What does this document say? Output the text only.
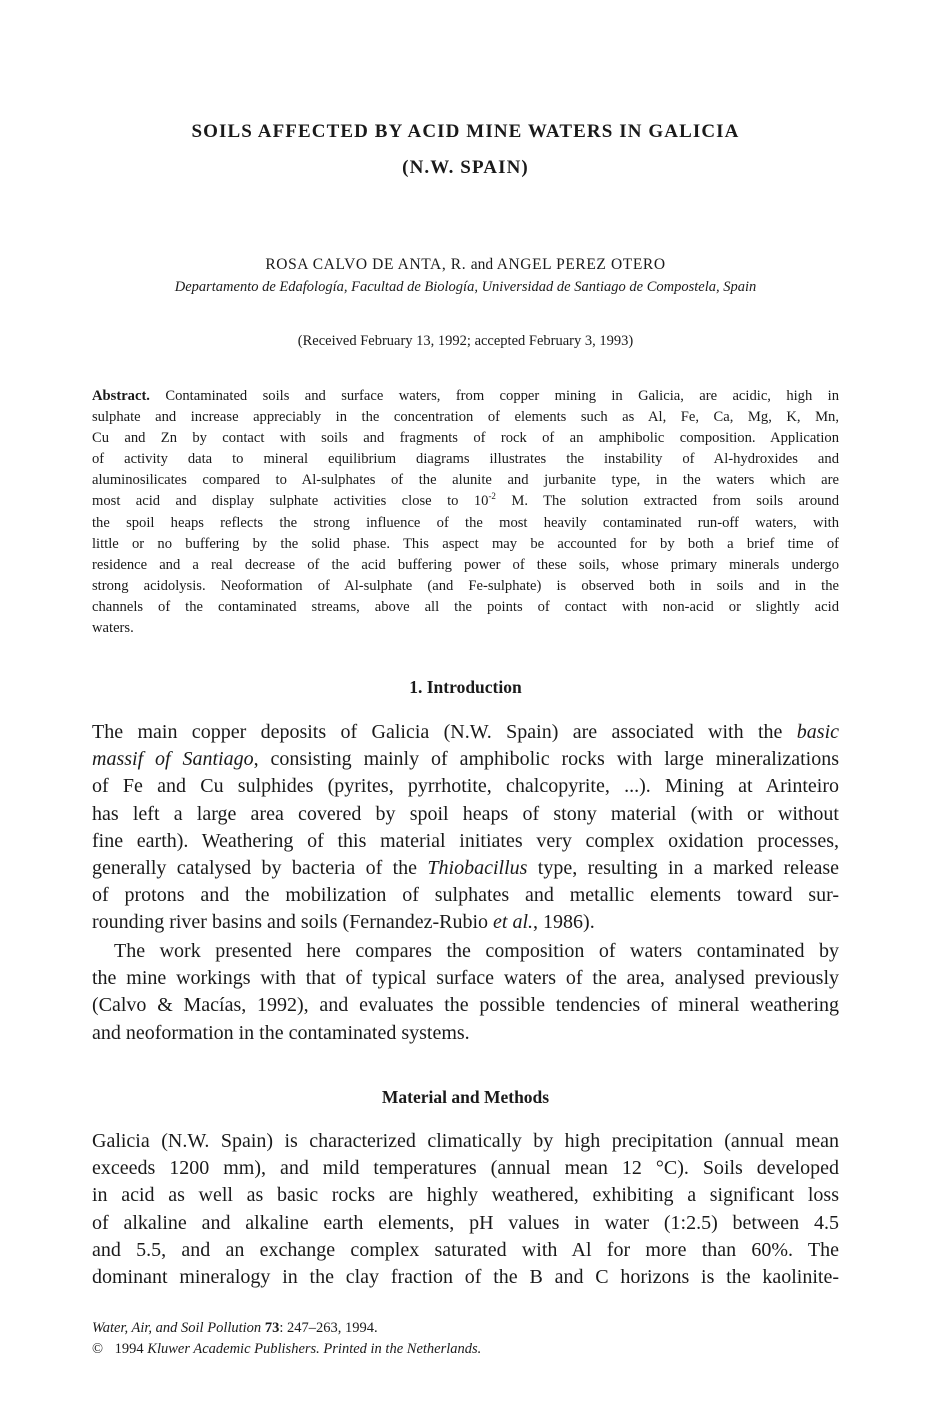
SOILS AFFECTED BY ACID MINE WATERS IN GALICIA
(N.W. SPAIN)

ROSA CALVO DE ANTA, R. and ANGEL PEREZ OTERO

Departamento de Edafología, Facultad de Biología, Universidad de Santiago de Compostela, Spain

(Received February 13, 1992; accepted February 3, 1993)

Abstract. Contaminated soils and surface waters, from copper mining in Galicia, are acidic, high in
sulphate and increase appreciably in the concentration of elements such as Al, Fe, Ca, Mg, K, Mn,
Cu and Zn by contact with soils and fragments of rock of an amphibolic composition. Application
of activity data to mineral equilibrium diagrams illustrates the instability of Al-hydroxides and
aluminosilicates compared to Al-sulphates of the alunite and jurbanite type, in the waters which are
most acid and display sulphate activities close to $10^{-2}$ M. The solution extracted from soils around
the spoil heaps reflects the strong influence of the most heavily contaminated run-off waters, with
little or no buffering by the solid phase. This aspect may be accounted for by both a brief time of
residence and a real decrease of the acid buffering power of these soils, whose primary minerals undergo
strong acidolysis. Neoformation of Al-sulphate (and Fe-sulphate) is observed both in soils and in the
channels of the contaminated streams, above all the points of contact with non-acid or slightly acid
waters.
1. Introduction
The main copper deposits of Galicia (N.W. Spain) are associated with the basic
massif of Santiago, consisting mainly of amphibolic rocks with large mineralizations
of Fe and Cu sulphides (pyrites, pyrrhotite, chalcopyrite, ...). Mining at Arinteiro
has left a large area covered by spoil heaps of stony material (with or without
fine earth). Weathering of this material initiates very complex oxidation processes,
generally catalysed by bacteria of the Thiobacillus type, resulting in a marked release
of protons and the mobilization of sulphates and metallic elements toward sur-
rounding river basins and soils (Fernandez-Rubio et al., 1986).
The work presented here compares the composition of waters contaminated by
the mine workings with that of typical surface waters of the area, analysed previously
(Calvo & Macías, 1992), and evaluates the possible tendencies of mineral weathering
and neoformation in the contaminated systems.
Material and Methods
Galicia (N.W. Spain) is characterized climatically by high precipitation (annual mean
exceeds 1200 mm), and mild temperatures (annual mean 12 °C). Soils developed
in acid as well as basic rocks are highly weathered, exhibiting a significant loss
of alkaline and alkaline earth elements, pH values in water (1:2.5) between 4.5
and 5.5, and an exchange complex saturated with Al for more than 60%. The
dominant mineralogy in the clay fraction of the B and C horizons is the kaolinite-
Water, Air, and Soil Pollution 73: 247–263, 1994.
© 1994 Kluwer Academic Publishers. Printed in the Netherlands.
